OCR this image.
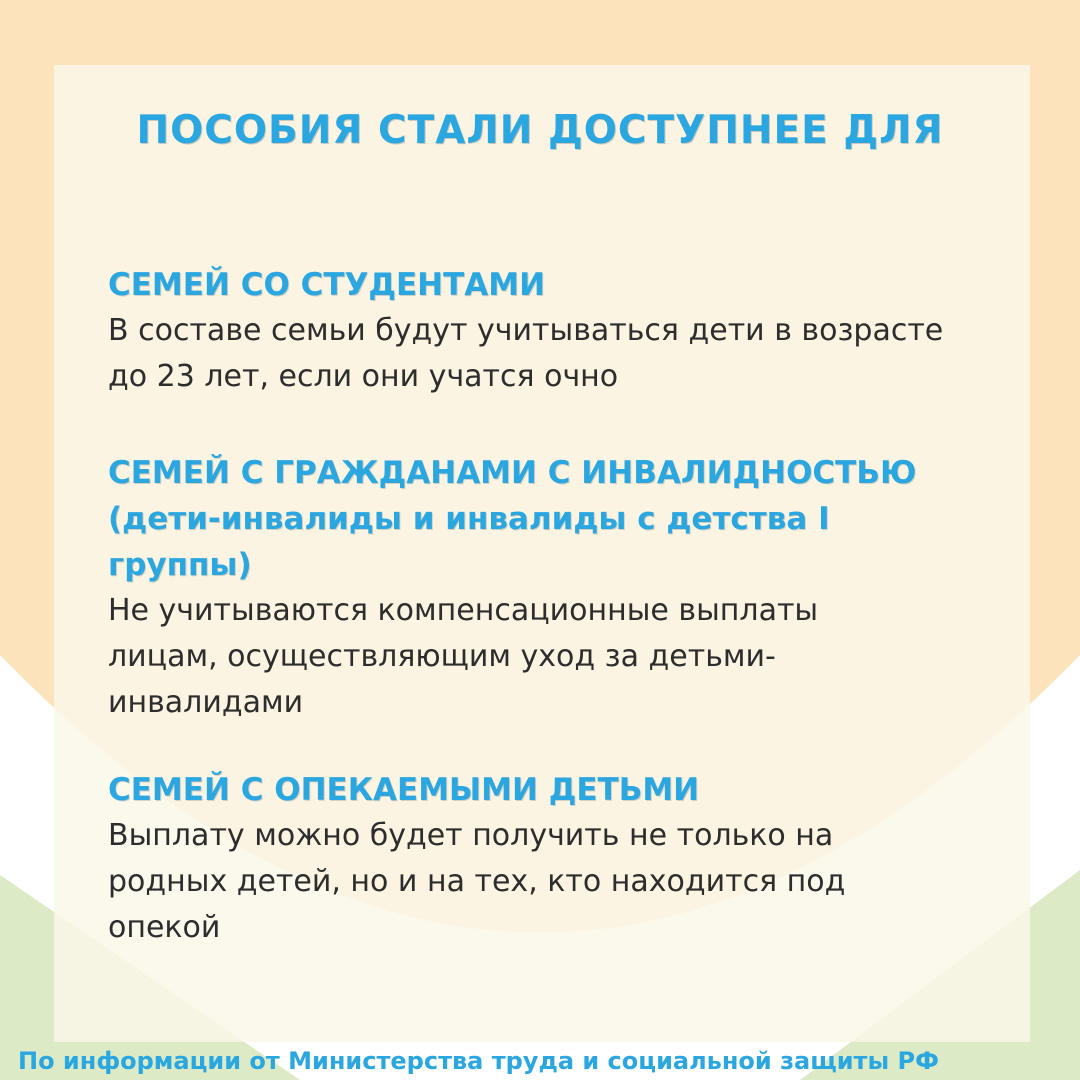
ПОСОБИЯ СТАЛИ ДОСТУПНЕЕ ДЛЯ

СЕМЕЙ СО СТУДЕНТАМИ

В составе семьи будут учитываться дети в возрасте
до 23 лет, если они учатся очно

СЕМЕЙ С ГРАЖДАНАМИ С ИНВАЛИДНОСТЬЮ
(дети-инвалиды и инвалиды с детства I
группы)

Не учитываются компенсационные выплаты
лицам, осуществляющим уход за детьми-
инвалидами

СЕМЕЙ С ОПЕКАЕМЫМИ ДЕТЬМИ

Выплату можно будет получить не только на
родных детей, но и на тех, кто находится под
опекой

По информации от Министерства труда и социальной защиты РФ
